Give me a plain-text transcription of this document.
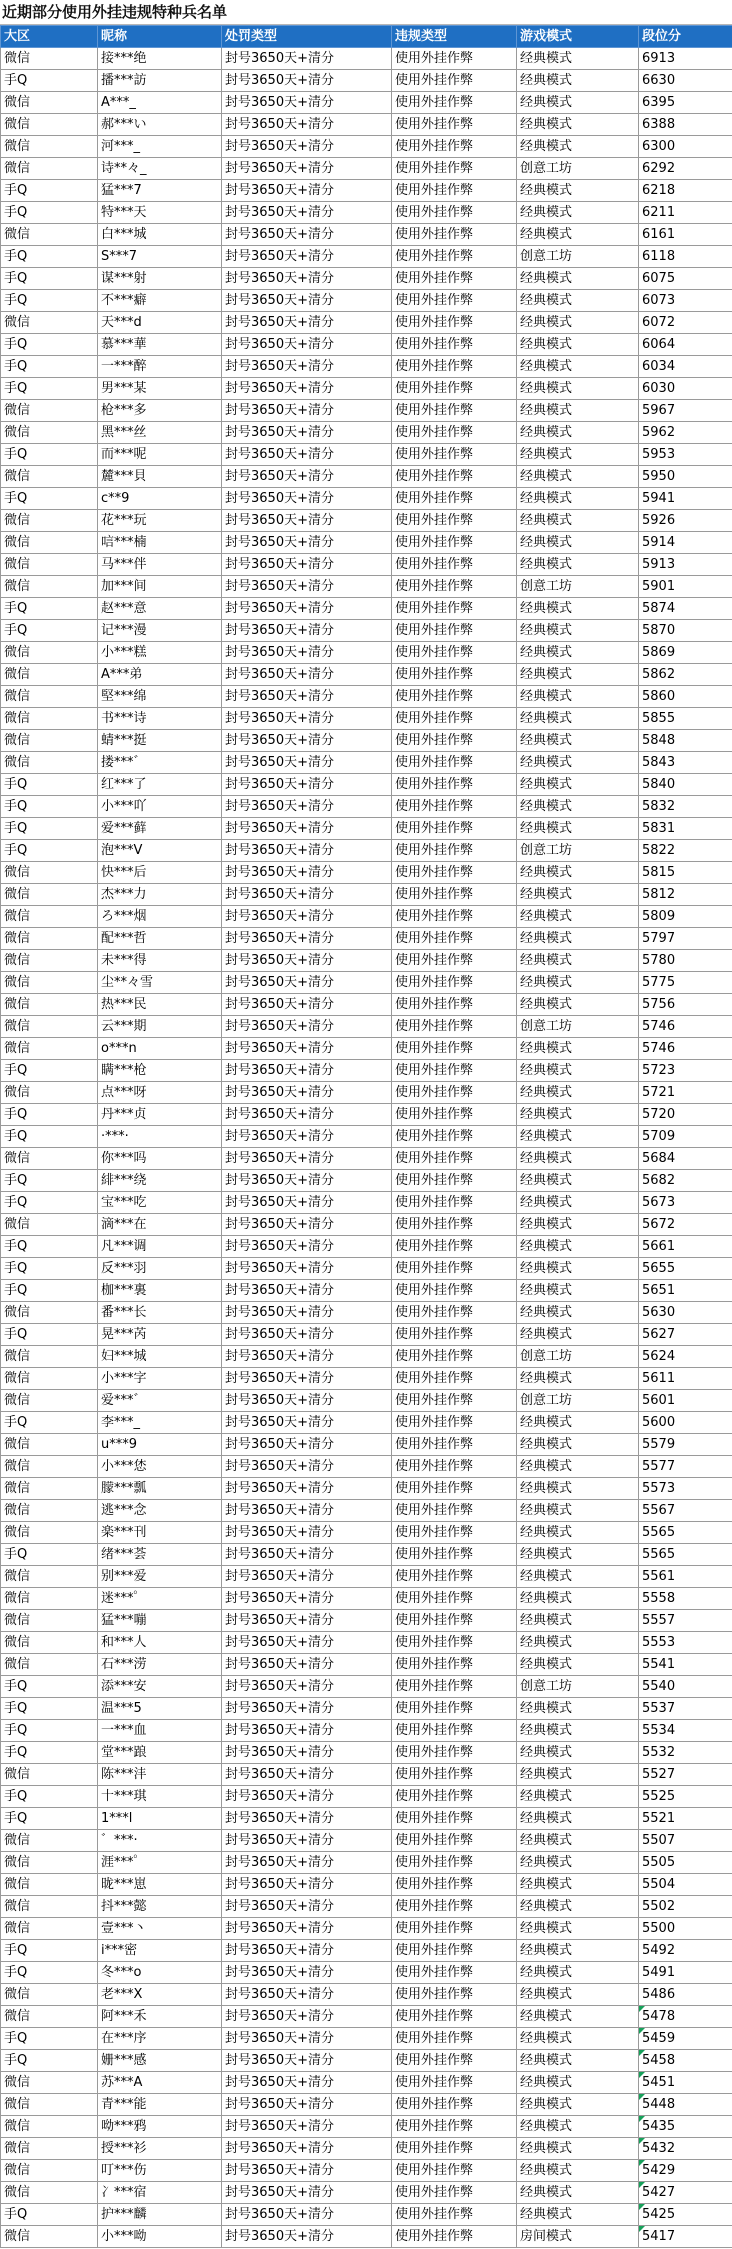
近期部分使用外挂违规特种兵名单
大区	昵称	处罚类型	违规类型	游戏模式	段位分
微信	接***绝	封号3650天+清分	使用外挂作弊	经典模式	6913
手Q	播***訪	封号3650天+清分	使用外挂作弊	经典模式	6630
微信	A***_	封号3650天+清分	使用外挂作弊	经典模式	6395
微信	郝***い	封号3650天+清分	使用外挂作弊	经典模式	6388
微信	河***_	封号3650天+清分	使用外挂作弊	经典模式	6300
微信	诗**々_	封号3650天+清分	使用外挂作弊	创意工坊	6292
手Q	猛***7	封号3650天+清分	使用外挂作弊	经典模式	6218
手Q	特***天	封号3650天+清分	使用外挂作弊	经典模式	6211
微信	白***城	封号3650天+清分	使用外挂作弊	经典模式	6161
手Q	S***7	封号3650天+清分	使用外挂作弊	创意工坊	6118
手Q	谋***射	封号3650天+清分	使用外挂作弊	经典模式	6075
手Q	不***癖	封号3650天+清分	使用外挂作弊	经典模式	6073
微信	天***d	封号3650天+清分	使用外挂作弊	经典模式	6072
手Q	慕***華	封号3650天+清分	使用外挂作弊	经典模式	6064
手Q	一***醉	封号3650天+清分	使用外挂作弊	经典模式	6034
手Q	男***某	封号3650天+清分	使用外挂作弊	经典模式	6030
微信	枪***多	封号3650天+清分	使用外挂作弊	经典模式	5967
微信	黑***丝	封号3650天+清分	使用外挂作弊	经典模式	5962
手Q	而***呢	封号3650天+清分	使用外挂作弊	经典模式	5953
微信	麓***貝	封号3650天+清分	使用外挂作弊	经典模式	5950
手Q	c**9	封号3650天+清分	使用外挂作弊	经典模式	5941
微信	花***玩	封号3650天+清分	使用外挂作弊	经典模式	5926
微信	唁***楠	封号3650天+清分	使用外挂作弊	经典模式	5914
微信	马***伴	封号3650天+清分	使用外挂作弊	经典模式	5913
微信	加***间	封号3650天+清分	使用外挂作弊	创意工坊	5901
手Q	赵***意	封号3650天+清分	使用外挂作弊	经典模式	5874
手Q	记***漫	封号3650天+清分	使用外挂作弊	经典模式	5870
微信	小***糕	封号3650天+清分	使用外挂作弊	经典模式	5869
微信	A***弟	封号3650天+清分	使用外挂作弊	经典模式	5862
微信	堅***绵	封号3650天+清分	使用外挂作弊	经典模式	5860
微信	书***诗	封号3650天+清分	使用外挂作弊	经典模式	5855
微信	蜻***挺	封号3650天+清分	使用外挂作弊	经典模式	5848
微信	搂***゛	封号3650天+清分	使用外挂作弊	经典模式	5843
手Q	红***了	封号3650天+清分	使用外挂作弊	经典模式	5840
手Q	小***吖	封号3650天+清分	使用外挂作弊	经典模式	5832
手Q	爱***藓	封号3650天+清分	使用外挂作弊	经典模式	5831
手Q	泡***V	封号3650天+清分	使用外挂作弊	创意工坊	5822
微信	快***后	封号3650天+清分	使用外挂作弊	经典模式	5815
微信	杰***力	封号3650天+清分	使用外挂作弊	经典模式	5812
微信	ろ***烟	封号3650天+清分	使用外挂作弊	经典模式	5809
微信	配***哲	封号3650天+清分	使用外挂作弊	经典模式	5797
微信	未***得	封号3650天+清分	使用外挂作弊	经典模式	5780
微信	尘**々雪	封号3650天+清分	使用外挂作弊	经典模式	5775
微信	热***民	封号3650天+清分	使用外挂作弊	经典模式	5756
微信	云***期	封号3650天+清分	使用外挂作弊	创意工坊	5746
微信	o***n	封号3650天+清分	使用外挂作弊	经典模式	5746
手Q	瞒***枪	封号3650天+清分	使用外挂作弊	经典模式	5723
微信	点***呀	封号3650天+清分	使用外挂作弊	经典模式	5721
手Q	丹***贞	封号3650天+清分	使用外挂作弊	经典模式	5720
手Q	·***·	封号3650天+清分	使用外挂作弊	经典模式	5709
微信	你***吗	封号3650天+清分	使用外挂作弊	经典模式	5684
手Q	緋***绕	封号3650天+清分	使用外挂作弊	经典模式	5682
手Q	宝***吃	封号3650天+清分	使用外挂作弊	经典模式	5673
微信	滴***在	封号3650天+清分	使用外挂作弊	经典模式	5672
手Q	凡***调	封号3650天+清分	使用外挂作弊	经典模式	5661
手Q	反***羽	封号3650天+清分	使用外挂作弊	经典模式	5655
手Q	枷***裏	封号3650天+清分	使用外挂作弊	经典模式	5651
微信	番***长	封号3650天+清分	使用外挂作弊	经典模式	5630
手Q	晃***芮	封号3650天+清分	使用外挂作弊	经典模式	5627
微信	妇***城	封号3650天+清分	使用外挂作弊	创意工坊	5624
微信	小***字	封号3650天+清分	使用外挂作弊	经典模式	5611
微信	爱***゛	封号3650天+清分	使用外挂作弊	创意工坊	5601
手Q	李***_	封号3650天+清分	使用外挂作弊	经典模式	5600
微信	u***9	封号3650天+清分	使用外挂作弊	经典模式	5579
微信	小***恷	封号3650天+清分	使用外挂作弊	经典模式	5577
微信	朦***瓢	封号3650天+清分	使用外挂作弊	经典模式	5573
微信	逃***念	封号3650天+清分	使用外挂作弊	经典模式	5567
微信	楽***刊	封号3650天+清分	使用外挂作弊	经典模式	5565
手Q	绪***荟	封号3650天+清分	使用外挂作弊	经典模式	5565
微信	别***爱	封号3650天+清分	使用外挂作弊	经典模式	5561
微信	迷***゜	封号3650天+清分	使用外挂作弊	经典模式	5558
微信	猛***嘣	封号3650天+清分	使用外挂作弊	经典模式	5557
微信	和***人	封号3650天+清分	使用外挂作弊	经典模式	5553
微信	石***涝	封号3650天+清分	使用外挂作弊	经典模式	5541
手Q	添***安	封号3650天+清分	使用外挂作弊	创意工坊	5540
手Q	温***5	封号3650天+清分	使用外挂作弊	经典模式	5537
手Q	一***血	封号3650天+清分	使用外挂作弊	经典模式	5534
手Q	堂***踉	封号3650天+清分	使用外挂作弊	经典模式	5532
微信	陈***沣	封号3650天+清分	使用外挂作弊	经典模式	5527
手Q	十***琪	封号3650天+清分	使用外挂作弊	经典模式	5525
手Q	1***l	封号3650天+清分	使用外挂作弊	经典模式	5521
微信	゛***·	封号3650天+清分	使用外挂作弊	经典模式	5507
微信	涯***゜	封号3650天+清分	使用外挂作弊	经典模式	5505
微信	昽***崽	封号3650天+清分	使用外挂作弊	经典模式	5504
微信	抖***懿	封号3650天+清分	使用外挂作弊	经典模式	5502
微信	壹***丶	封号3650天+清分	使用外挂作弊	经典模式	5500
手Q	i***密	封号3650天+清分	使用外挂作弊	经典模式	5492
手Q	冬***o	封号3650天+清分	使用外挂作弊	经典模式	5491
微信	老***X	封号3650天+清分	使用外挂作弊	经典模式	5486
微信	阿***禾	封号3650天+清分	使用外挂作弊	经典模式	5478
手Q	在***序	封号3650天+清分	使用外挂作弊	经典模式	5459
手Q	姗***感	封号3650天+清分	使用外挂作弊	经典模式	5458
微信	苏***A	封号3650天+清分	使用外挂作弊	经典模式	5451
微信	青***能	封号3650天+清分	使用外挂作弊	经典模式	5448
微信	呦***鸦	封号3650天+清分	使用外挂作弊	经典模式	5435
微信	授***衫	封号3650天+清分	使用外挂作弊	经典模式	5432
微信	叮***伤	封号3650天+清分	使用外挂作弊	经典模式	5429
微信	冫***宿	封号3650天+清分	使用外挂作弊	经典模式	5427
手Q	护***麟	封号3650天+清分	使用外挂作弊	经典模式	5425
微信	小***呦	封号3650天+清分	使用外挂作弊	房间模式	5417
